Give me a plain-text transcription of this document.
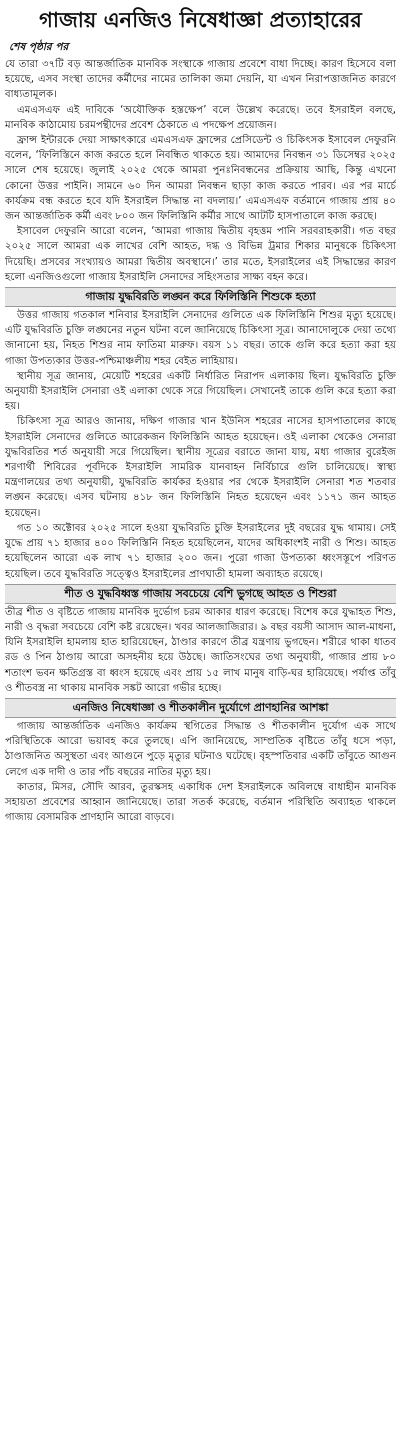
গাজায় এনজিও নিষেধাজ্ঞা প্রত্যাহারের
শেষ পৃষ্ঠার পর

যে তারা ৩৭টি বড় আন্তর্জাতিক মানবিক সংস্থাকে গাজায় প্রবেশে বাধা দিচ্ছে। কারণ হিসেবে বলা হয়েছে, এসব সংস্থা তাদের কর্মীদের নামের তালিকা জমা দেয়নি, যা এখন নিরাপত্তাজনিত কারণে বাধ্যতামূলক।

এমএসএফ এই দাবিকে ‘অযৌক্তিক হস্তক্ষেপ’ বলে উল্লেখ করেছে। তবে ইসরাইল বলছে, মানবিক কাঠামোয় চরমপন্থীদের প্রবেশ ঠেকাতে এ পদক্ষেপ প্রয়োজন।

ফ্রান্স ইন্টারকে দেয়া সাক্ষাৎকারে এমএসএফ ফ্রান্সের প্রেসিডেন্ট ও চিকিৎসক ইসাবেল দেফুরনি বলেন, ‘ফিলিস্তিনে কাজ করতে হলে নিবন্ধিত থাকতে হয়। আমাদের নিবন্ধন ৩১ ডিসেম্বর ২০২৫ সালে শেষ হয়েছে। জুলাই ২০২৫ থেকে আমরা পুনঃনিবন্ধনের প্রক্রিয়ায় আছি, কিন্তু এখনো কোনো উত্তর পাইনি। সামনে ৬০ দিন আমরা নিবন্ধন ছাড়া কাজ করতে পারব। এর পর মার্চে কার্যক্রম বন্ধ করতে হবে যদি ইসরাইল সিদ্ধান্ত না বদলায়।’ এমএসএফ বর্তমানে গাজায় প্রায় ৪০ জন আন্তর্জাতিক কর্মী এবং ৮০০ জন ফিলিস্তিনি কর্মীর সাথে আটটি হাসপাতালে কাজ করছে।

ইসাবেল দেফুরনি আরো বলেন, ‘আমরা গাজায় দ্বিতীয় বৃহত্তম পানি সরবরাহকারী। গত বছর ২০২৫ সালে আমরা এক লাখের বেশি আহত, দগ্ধ ও বিভিন্ন ট্রমার শিকার মানুষকে চিকিৎসা দিয়েছি। প্রসবের সংখ্যায়ও আমরা দ্বিতীয় অবস্থানে।’ তার মতে, ইসরাইলের এই সিদ্ধান্তের কারণ হলো এনজিওগুলো গাজায় ইসরাইলি সেনাদের সহিংসতার সাক্ষ্য বহন করে।

গাজায় যুদ্ধবিরতি লঙ্ঘন করে ফিলিস্তিনি শিশুকে হত্যা

উত্তর গাজায় গতকাল শনিবার ইসরাইলি সেনাদের গুলিতে এক ফিলিস্তিনি শিশুর মৃত্যু হয়েছে। এটি যুদ্ধবিরতি চুক্তি লঙ্ঘনের নতুন ঘটনা বলে জানিয়েছে চিকিৎসা সূত্র। আনাদোলুকে দেয়া তথ্যে জানানো হয়, নিহত শিশুর নাম ফাতিমা মারুফ। বয়স ১১ বছর। তাকে গুলি করে হত্যা করা হয় গাজা উপত্যকার উত্তর-পশ্চিমাঞ্চলীয় শহর বেইত লাহিয়ায়।

স্থানীয় সূত্র জানায়, মেয়েটি শহরের একটি নির্ধারিত নিরাপদ এলাকায় ছিল। যুদ্ধবিরতি চুক্তি অনুযায়ী ইসরাইলি সেনারা ওই এলাকা থেকে সরে গিয়েছিল। সেখানেই তাকে গুলি করে হত্যা করা হয়।

চিকিৎসা সূত্র আরও জানায়, দক্ষিণ গাজার খান ইউনিস শহরের নাসের হাসপাতালের কাছে ইসরাইলি সেনাদের গুলিতে আরেকজন ফিলিস্তিনি আহত হয়েছেন। ওই এলাকা থেকেও সেনারা যুদ্ধবিরতির শর্ত অনুযায়ী সরে গিয়েছিল। স্থানীয় সূত্রের বরাতে জানা যায়, মধ্য গাজার বুরেইজ শরণার্থী শিবিরের পূর্বদিকে ইসরাইলি সামরিক যানবাহন নির্বিচারে গুলি চালিয়েছে। স্বাস্থ্য মন্ত্রণালয়ের তথ্য অনুযায়ী, যুদ্ধবিরতি কার্যকর হওয়ার পর থেকে ইসরাইলি সেনারা শত শতবার লঙ্ঘন করেছে। এসব ঘটনায় ৪১৮ জন ফিলিস্তিনি নিহত হয়েছেন এবং ১১৭১ জন আহত হয়েছেন।

গত ১০ অক্টোবর ২০২৫ সালে হওয়া যুদ্ধবিরতি চুক্তি ইসরাইলের দুই বছরের যুদ্ধ থামায়। সেই যুদ্ধে প্রায় ৭১ হাজার ৪০০ ফিলিস্তিনি নিহত হয়েছিলেন, যাদের অধিকাংশই নারী ও শিশু। আহত হয়েছিলেন আরো এক লাখ ৭১ হাজার ২০০ জন। পুরো গাজা উপত্যকা ধ্বংসস্তূপে পরিণত হয়েছিল। তবে যুদ্ধবিরতি সত্ত্বেও ইসরাইলের প্রাণঘাতী হামলা অব্যাহত রয়েছে।

শীত ও যুদ্ধবিধ্বস্ত গাজায় সবচেয়ে বেশি ভুগছে আহত ও শিশুরা

তীব্র শীত ও বৃষ্টিতে গাজায় মানবিক দুর্ভোগ চরম আকার ধারণ করেছে। বিশেষ করে যুদ্ধাহত শিশু, নারী ও বৃদ্ধরা সবচেয়ে বেশি কষ্ট রয়েছেন। খবর আলজাজিরার। ৯ বছর বয়সী আসাদ আল-মাধনা, যিনি ইসরাইলি হামলায় হাত হারিয়েছেন, ঠাণ্ডার কারণে তীব্র যন্ত্রণায় ভুগছেন। শরীরে থাকা ধাতব রড ও পিন ঠাণ্ডায় আরো অসহনীয় হয়ে উঠছে। জাতিসংঘের তথ্য অনুযায়ী, গাজার প্রায় ৮০ শতাংশ ভবন ক্ষতিগ্রস্ত বা ধ্বংস হয়েছে এবং প্রায় ১৫ লাখ মানুষ বাড়ি-ঘর হারিয়েছে। পর্যাপ্ত তাঁবু ও শীতবস্ত্র না থাকায় মানবিক সঙ্কট আরো গভীর হচ্ছে।

এনজিও নিষেধাজ্ঞা ও শীতকালীন দুর্যোগে প্রাণহানির আশঙ্কা

গাজায় আন্তর্জাতিক এনজিও কার্যক্রম স্থগিতের সিদ্ধান্ত ও শীতকালীন দুর্যোগ এক সাথে পরিস্থিতিকে আরো ভয়াবহ করে তুলছে। এপি জানিয়েছে, সাম্প্রতিক বৃষ্টিতে তাঁবু ধসে পড়া, ঠাণ্ডাজনিত অসুস্থতা এবং আগুনে পুড়ে মৃত্যুর ঘটনাও ঘটেছে। বৃহস্পতিবার একটি তাঁবুতে আগুন লেগে এক দাদী ও তার পাঁচ বছরের নাতির মৃত্যু হয়।

কাতার, মিসর, সৌদি আরব, তুরস্কসহ একাধিক দেশ ইসরাইলকে অবিলম্বে বাধাহীন মানবিক সহায়তা প্রবেশের আহ্বান জানিয়েছে। তারা সতর্ক করেছে, বর্তমান পরিস্থিতি অব্যাহত থাকলে গাজায় বেসামরিক প্রাণহানি আরো বাড়বে।
